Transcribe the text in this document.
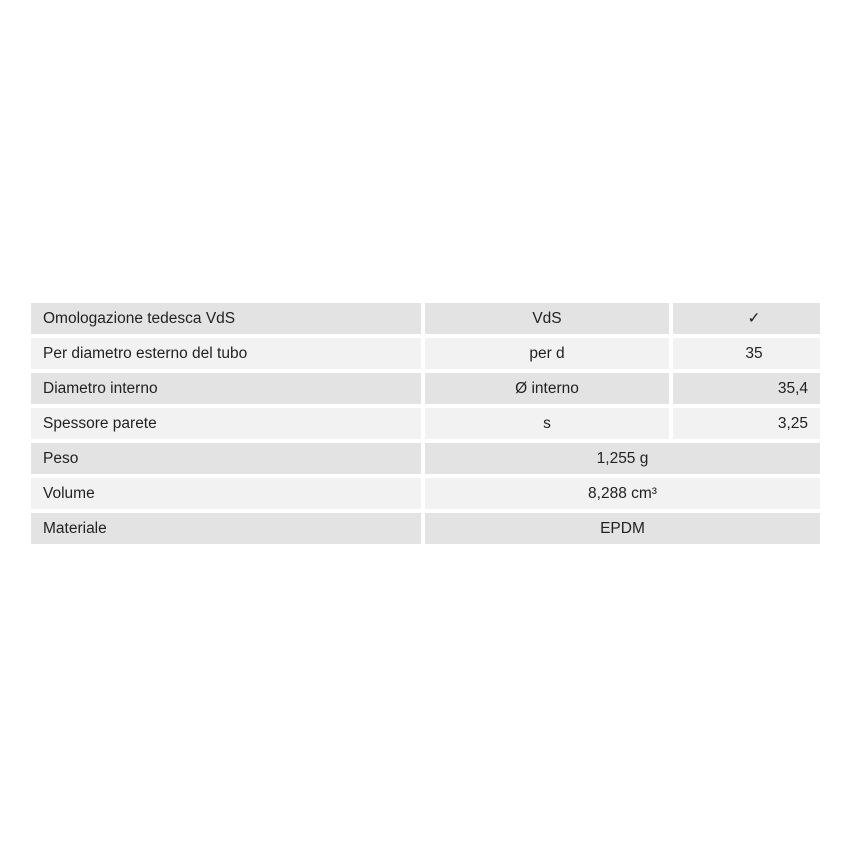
Omologazione tedesca VdS	VdS	✓
Per diametro esterno del tubo	per d	35
Diametro interno	Ø interno	35,4
Spessore parete	s	3,25
Peso	1,255 g
Volume	8,288 cm³
Materiale	EPDM
